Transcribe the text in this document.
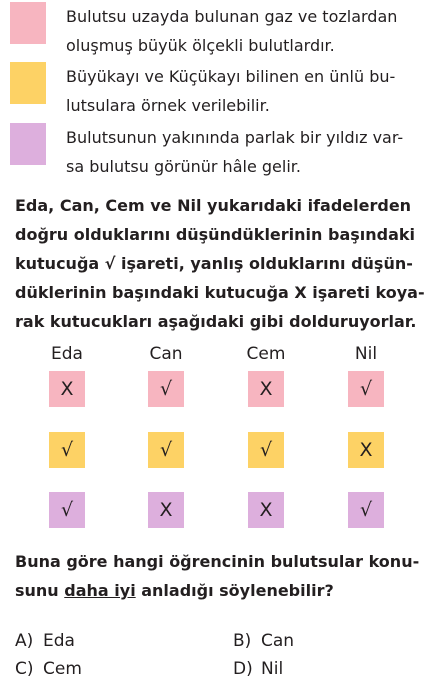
Bulutsu uzayda bulunan gaz ve tozlardan
oluşmuş büyük ölçekli bulutlardır.
Büyükayı ve Küçükayı bilinen en ünlü bu-
lutsulara örnek verilebilir.
Bulutsunun yakınında parlak bir yıldız var-
sa bulutsu görünür hâle gelir.
Eda, Can, Cem ve Nil yukarıdaki ifadelerden
doğru olduklarını düşündüklerinin başındaki
kutucuğa √ işareti, yanlış olduklarını düşün-
düklerinin başındaki kutucuğa X işareti koya-
rak kutucukları aşağıdaki gibi dolduruyorlar.
Eda	Can	Cem	Nil
X	√	X	√
√	√	√	X
√	X	X	√
Buna göre hangi öğrencinin bulutsular konu-
sunu daha iyi anladığı söylenebilir?
A) Eda	B) Can
C) Cem	D) Nil
